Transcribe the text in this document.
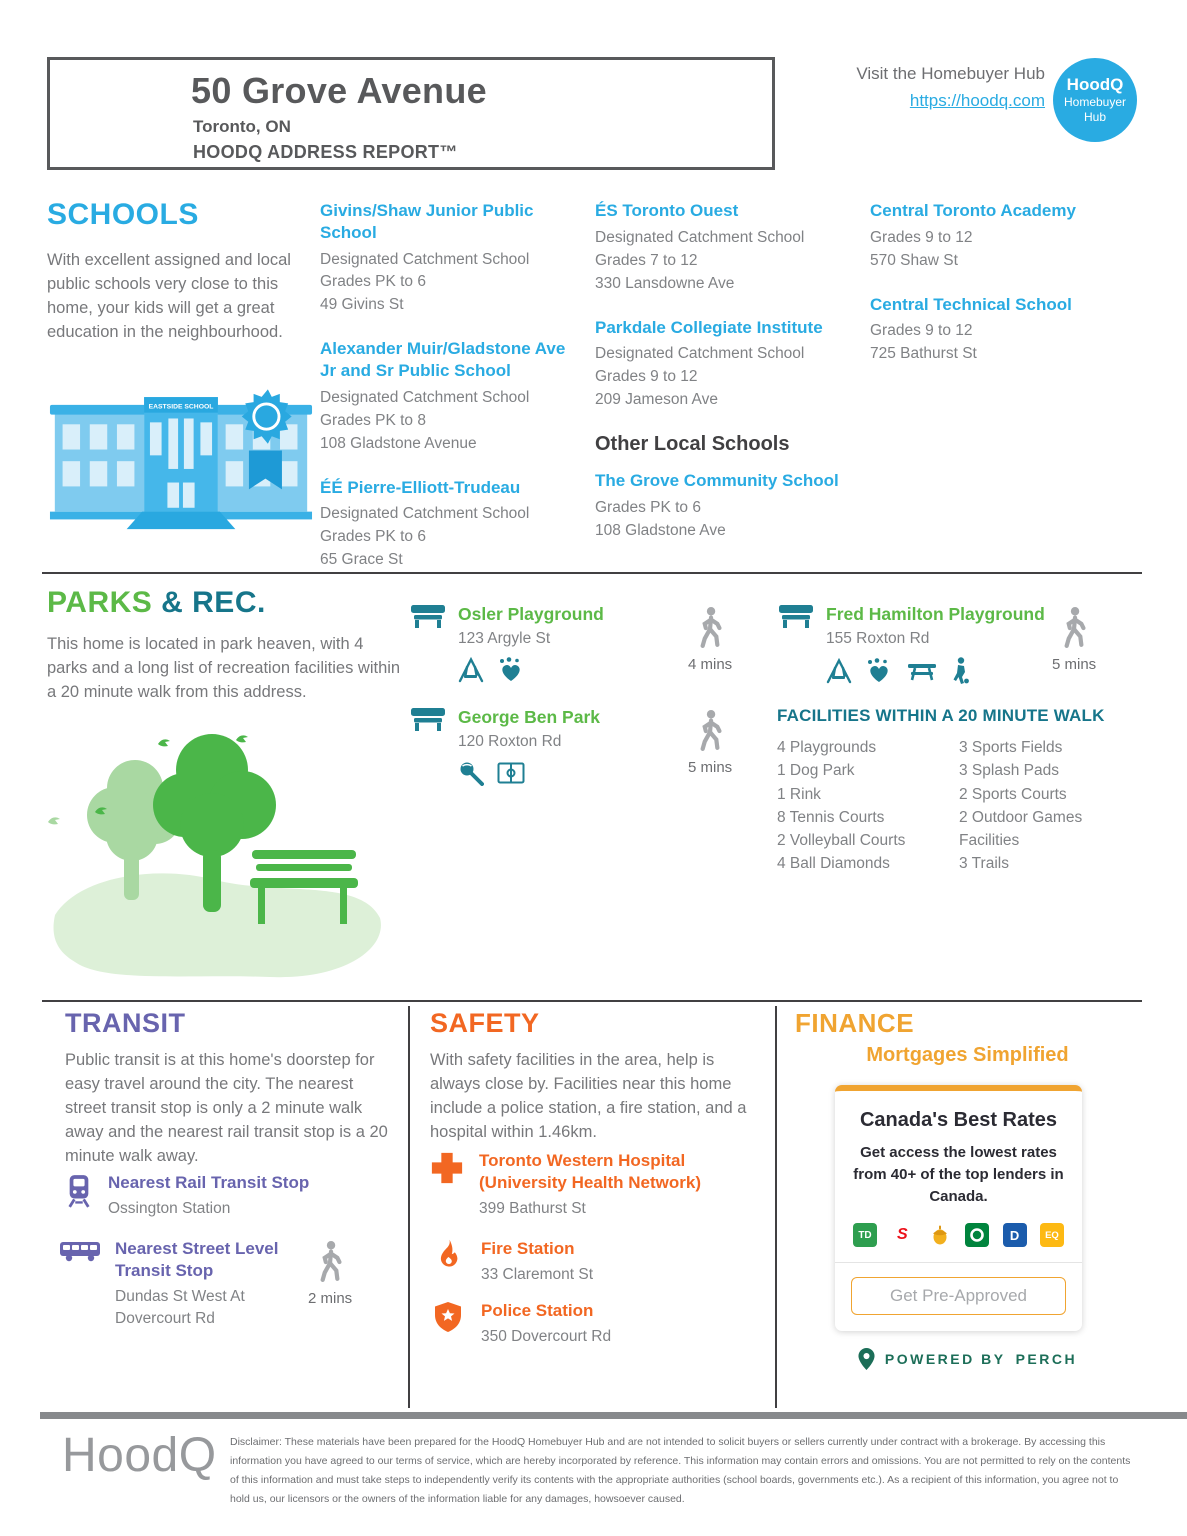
50 Grove Avenue
Toronto, ON
HOODQ ADDRESS REPORT™
Visit the Homebuyer Hub
https://hoodq.com
HoodQ
Homebuyer
Hub
SCHOOLS
With excellent assigned and local public schools very close to this home, your kids will get a great education in the neighbourhood.
EASTSIDE SCHOOL
Givins/Shaw Junior Public School
Designated Catchment School
Grades PK to 6
49 Givins St
Alexander Muir/Gladstone Ave Jr and Sr Public School
Designated Catchment School
Grades PK to 8
108 Gladstone Avenue
ÉÉ Pierre-Elliott-Trudeau
Designated Catchment School
Grades PK to 6
65 Grace St
ÉS Toronto Ouest
Designated Catchment School
Grades 7 to 12
330 Lansdowne Ave
Parkdale Collegiate Institute
Designated Catchment School
Grades 9 to 12
209 Jameson Ave
Other Local Schools
The Grove Community School
Grades PK to 6
108 Gladstone Ave
Central Toronto Academy
Grades 9 to 12
570 Shaw St
Central Technical School
Grades 9 to 12
725 Bathurst St
PARKS & REC.
This home is located in park heaven, with 4 parks and a long list of recreation facilities within a 20 minute walk from this address.
Osler Playground
123 Argyle St
4 mins
Fred Hamilton Playground
155 Roxton Rd
5 mins
George Ben Park
120 Roxton Rd
5 mins
FACILITIES WITHIN A 20 MINUTE WALK
4 Playgrounds
1 Dog Park
1 Rink
8 Tennis Courts
2 Volleyball Courts
4 Ball Diamonds
3 Sports Fields
3 Splash Pads
2 Sports Courts
2 Outdoor Games Facilities
3 Trails
TRANSIT
Public transit is at this home's doorstep for easy travel around the city. The nearest street transit stop is only a 2 minute walk away and the nearest rail transit stop is a 20 minute walk away.
Nearest Rail Transit Stop
Ossington Station
Nearest Street Level Transit Stop
Dundas St West At Dovercourt Rd
2 mins
SAFETY
With safety facilities in the area, help is always close by. Facilities near this home include a police station, a fire station, and a hospital within 1.46km.
Toronto Western Hospital (University Health Network)
399 Bathurst St
Fire Station
33 Claremont St
Police Station
350 Dovercourt Rd
FINANCE
Mortgages Simplified
Canada's Best Rates
Get access the lowest rates from 40+ of the top lenders in Canada.
TD	S	D	EQ
Get Pre-Approved
POWERED BY PERCH
HoodQ Disclaimer: These materials have been prepared for the HoodQ Homebuyer Hub and are not intended to solicit buyers or sellers currently under contract with a brokerage. By accessing this information you have agreed to our terms of service, which are hereby incorporated by reference. This information may contain errors and omissions. You are not permitted to rely on the contents of this information and must take steps to independently verify its contents with the appropriate authorities (school boards, governments etc.). As a recipient of this information, you agree not to hold us, our licensors or the owners of the information liable for any damages, howsoever caused.
